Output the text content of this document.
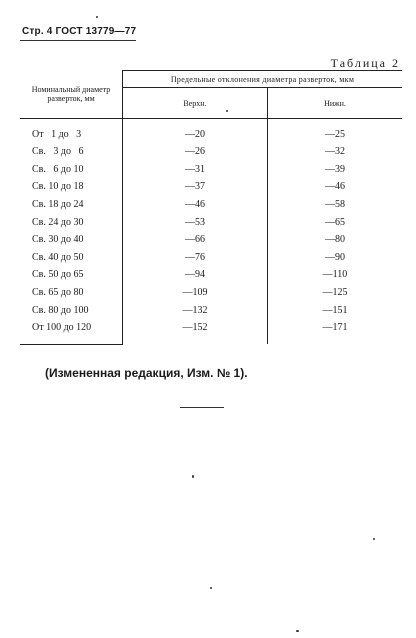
Стр. 4 ГОСТ 13779—77
Таблица 2
Номинальный диаметр разверток, мм	Предельные отклонения диаметра разверток, мкм	
	Верхн.	Нижн.
От   1 до   3	—20	—25
Св.   3 до   6	—26	—32
Св.   6 до 10	—31	—39
Св. 10 до 18	—37	—46
Св. 18 до 24	—46	—58
Св. 24 до 30	—53	—65
Св. 30 до 40	—66	—80
Св. 40 до 50	—76	—90
Св. 50 до 65	—94	—110
Св. 65 до 80	—109	—125
Св. 80 до 100	—132	—151
От 100 до 120	—152	—171
(Измененная редакция, Изм. № 1).
